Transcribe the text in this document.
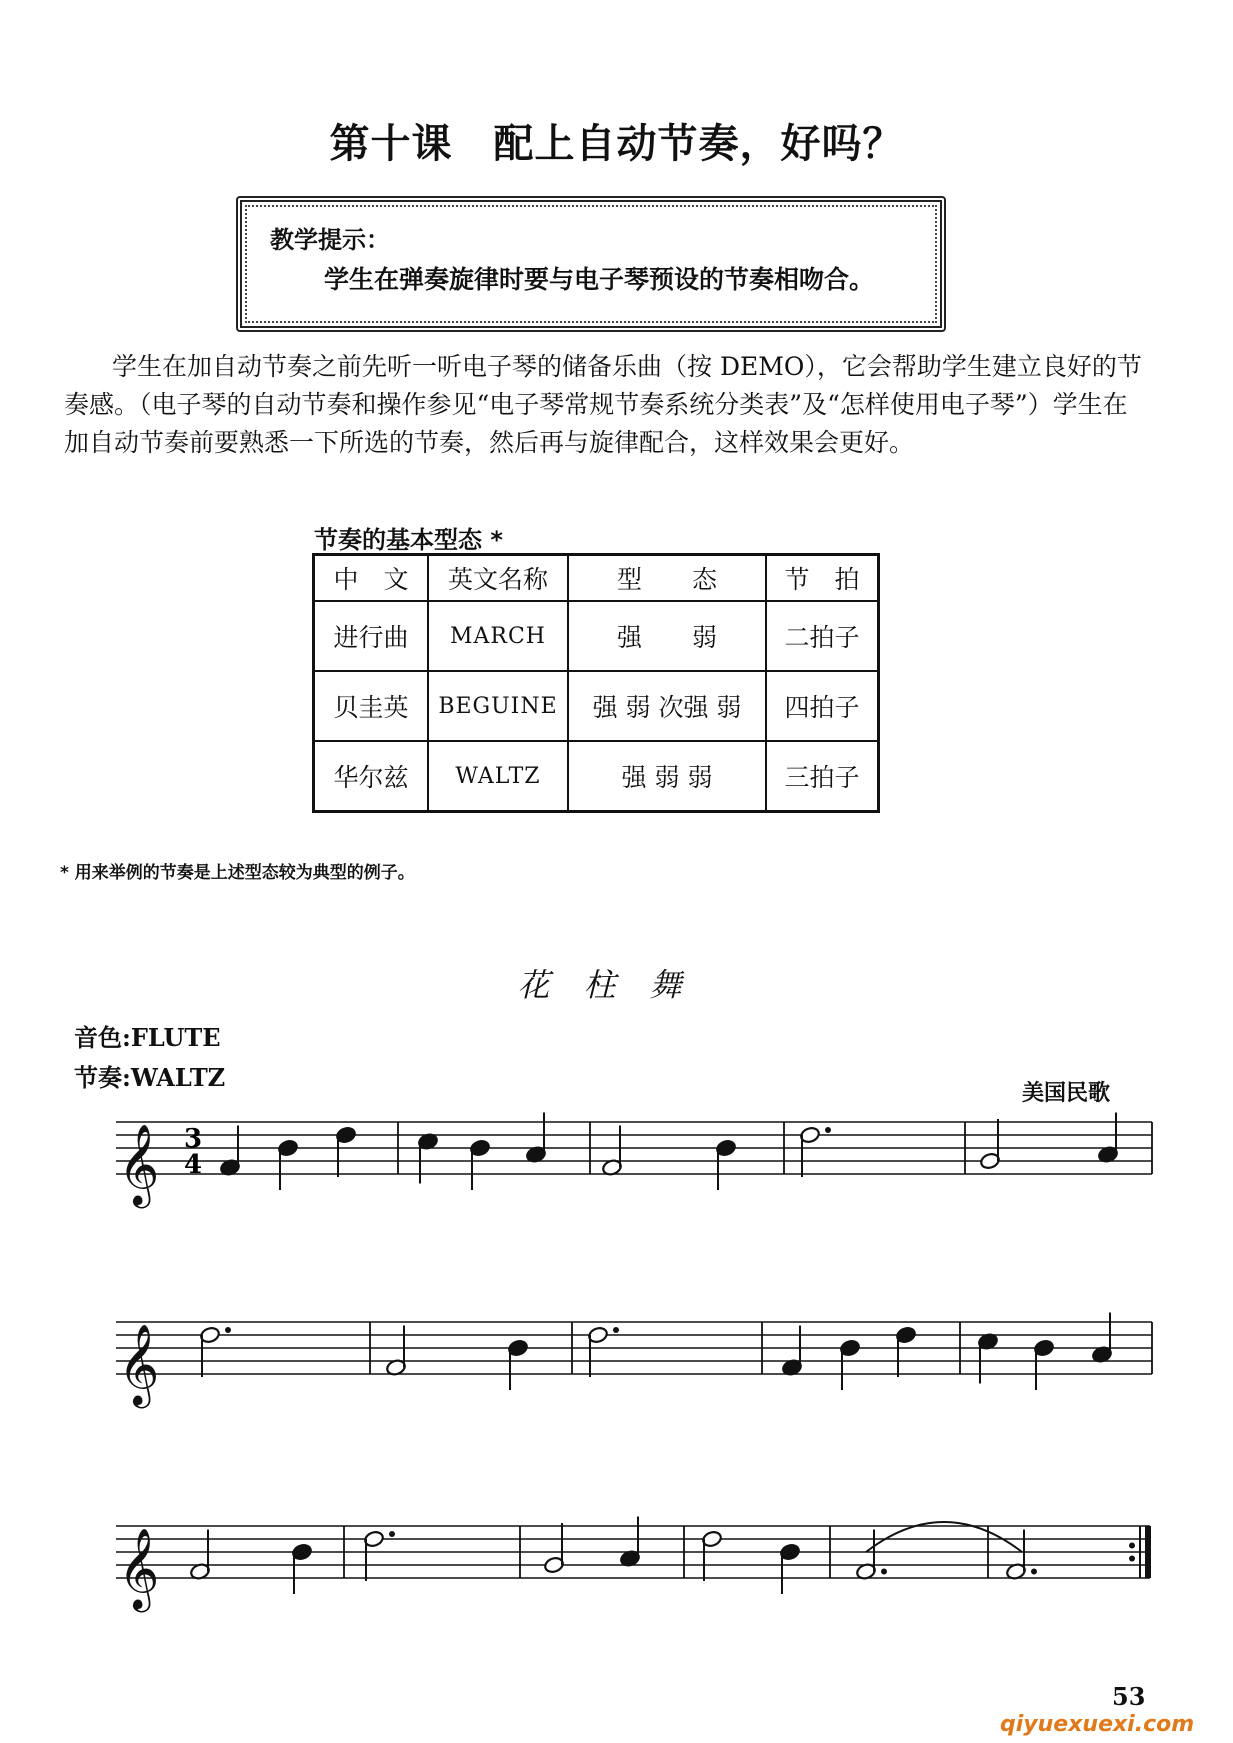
第十课　配上自动节奏，好吗？
教学提示：
学生在弹奏旋律时要与电子琴预设的节奏相吻合。
学生在加自动节奏之前先听一听电子琴的储备乐曲（按 DEMO），它会帮助学生建立良好的节奏感。（电子琴的自动节奏和操作参见“电子琴常规节奏系统分类表”及“怎样使用电子琴”）学生在加自动节奏前要熟悉一下所选的节奏，然后再与旋律配合，这样效果会更好。
节奏的基本型态 *
中　文	英文名称	型　　态	节　拍
进行曲	MARCH	强　　弱	二拍子
贝圭英	BEGUINE	强 弱 次强 弱	四拍子
华尔兹	WALTZ	强 弱 弱	三拍子
* 用来举例的节奏是上述型态较为典型的例子。
花柱舞
音色:FLUTE
节奏:WALTZ
美国民歌
𝄞 3
4
𝄞
𝄞
53
qiyuexuexi.com
